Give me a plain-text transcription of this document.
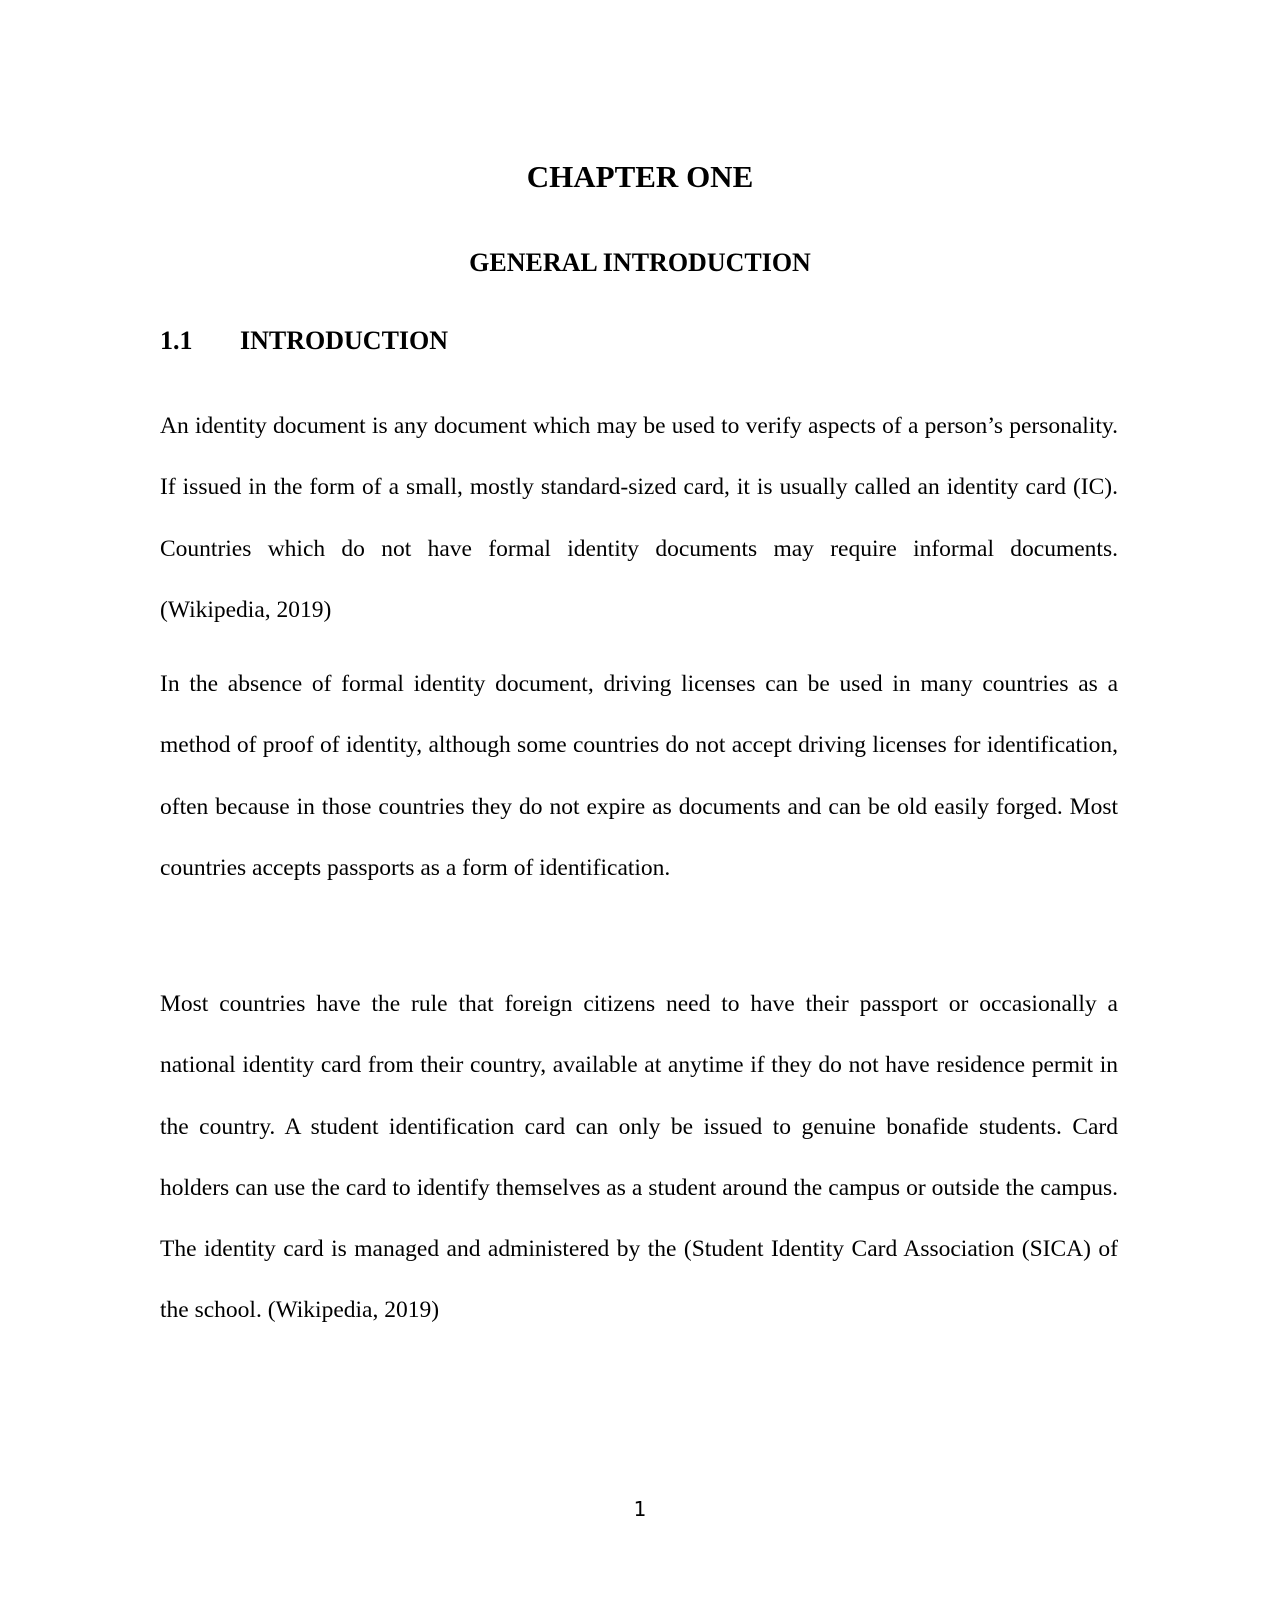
CHAPTER ONE
GENERAL INTRODUCTION
1.1 INTRODUCTION

An identity document is any document which may be used to verify aspects of a person’s personality. If issued in the form of a small, mostly standard-sized card, it is usually called an identity card (IC). Countries which do not have formal identity documents may require informal documents. (Wikipedia, 2019)

In the absence of formal identity document, driving licenses can be used in many countries as a method of proof of identity, although some countries do not accept driving licenses for identification, often because in those countries they do not expire as documents and can be old easily forged. Most countries accepts passports as a form of identification.

Most countries have the rule that foreign citizens need to have their passport or occasionally a national identity card from their country, available at anytime if they do not have residence permit in the country. A student identification card can only be issued to genuine bonafide students. Card holders can use the card to identify themselves as a student around the campus or outside the campus. The identity card is managed and administered by the (Student Identity Card Association (SICA) of the school. (Wikipedia, 2019)

1
